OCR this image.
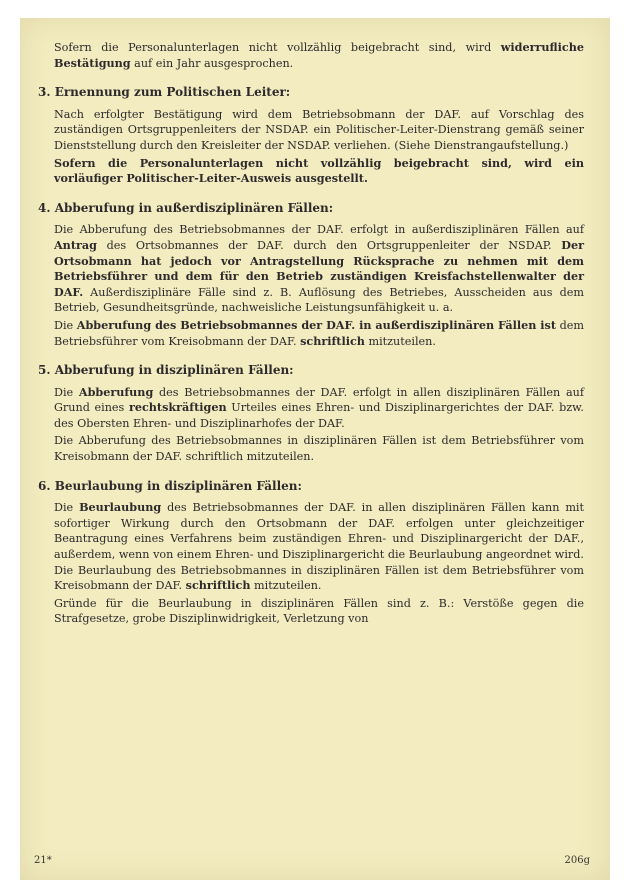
Sofern die Personalunterlagen nicht vollzählig beigebracht sind, wird widerrufliche Bestätigung auf ein Jahr ausgesprochen.

3. Ernennung zum Politischen Leiter:

Nach erfolgter Bestätigung wird dem Betriebsobmann der DAF. auf Vorschlag des zuständigen Ortsgruppenleiters der NSDAP. ein Politischer-Leiter-Dienstrang gemäß seiner Dienststellung durch den Kreisleiter der NSDAP. verliehen. (Siehe Dienstrangaufstellung.)

Sofern die Personalunterlagen nicht vollzählig beigebracht sind, wird ein vorläufiger Politischer-Leiter-Ausweis ausgestellt.

4. Abberufung in außerdisziplinären Fällen:

Die Abberufung des Betriebsobmannes der DAF. erfolgt in außerdisziplinären Fällen auf Antrag des Ortsobmannes der DAF. durch den Ortsgruppenleiter der NSDAP. Der Ortsobmann hat jedoch vor Antragstellung Rücksprache zu nehmen mit dem Betriebsführer und dem für den Betrieb zuständigen Kreisfachstellenwalter der DAF. Außerdisziplinäre Fälle sind z. B. Auflösung des Betriebes, Ausscheiden aus dem Betrieb, Gesundheitsgründe, nachweisliche Leistungsunfähigkeit u. a.

Die Abberufung des Betriebsobmannes der DAF. in außerdisziplinären Fällen ist dem Betriebsführer vom Kreisobmann der DAF. schriftlich mitzuteilen.

5. Abberufung in disziplinären Fällen:

Die Abberufung des Betriebsobmannes der DAF. erfolgt in allen disziplinären Fällen auf Grund eines rechtskräftigen Urteiles eines Ehren- und Disziplinargerichtes der DAF. bzw. des Obersten Ehren- und Disziplinarhofes der DAF.

Die Abberufung des Betriebsobmannes in disziplinären Fällen ist dem Betriebsführer vom Kreisobmann der DAF. schriftlich mitzuteilen.

6. Beurlaubung in disziplinären Fällen:

Die Beurlaubung des Betriebsobmannes der DAF. in allen disziplinären Fällen kann mit sofortiger Wirkung durch den Ortsobmann der DAF. erfolgen unter gleichzeitiger Beantragung eines Verfahrens beim zuständigen Ehren- und Disziplinargericht der DAF., außerdem, wenn von einem Ehren- und Disziplinargericht die Beurlaubung angeordnet wird. Die Beurlaubung des Betriebsobmannes in disziplinären Fällen ist dem Betriebsführer vom Kreisobmann der DAF. schriftlich mitzuteilen.

Gründe für die Beurlaubung in disziplinären Fällen sind z. B.: Verstöße gegen die Strafgesetze, grobe Disziplinwidrigkeit, Verletzung von

21*	206g
